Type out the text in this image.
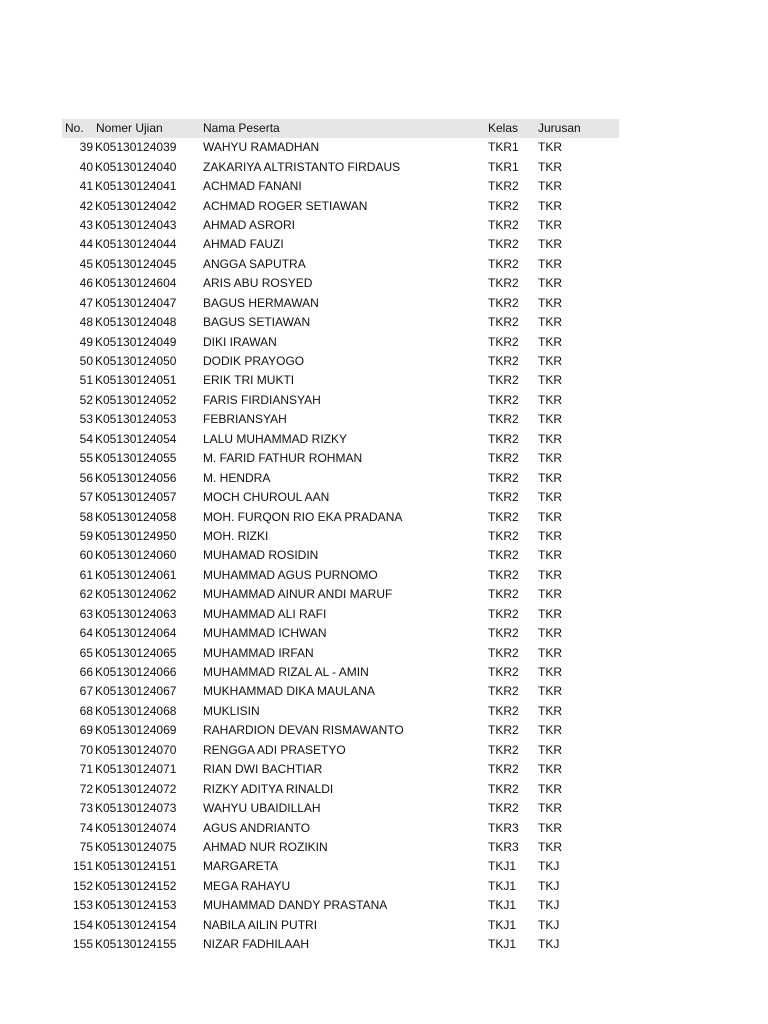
No.	Nomer Ujian	Nama Peserta	Kelas	Jurusan
39	K05130124039	WAHYU RAMADHAN	TKR1	TKR
40	K05130124040	ZAKARIYA ALTRISTANTO FIRDAUS	TKR1	TKR
41	K05130124041	ACHMAD FANANI	TKR2	TKR
42	K05130124042	ACHMAD ROGER SETIAWAN	TKR2	TKR
43	K05130124043	AHMAD ASRORI	TKR2	TKR
44	K05130124044	AHMAD FAUZI	TKR2	TKR
45	K05130124045	ANGGA SAPUTRA	TKR2	TKR
46	K05130124604	ARIS ABU ROSYED	TKR2	TKR
47	K05130124047	BAGUS HERMAWAN	TKR2	TKR
48	K05130124048	BAGUS SETIAWAN	TKR2	TKR
49	K05130124049	DIKI IRAWAN	TKR2	TKR
50	K05130124050	DODIK PRAYOGO	TKR2	TKR
51	K05130124051	ERIK TRI MUKTI	TKR2	TKR
52	K05130124052	FARIS FIRDIANSYAH	TKR2	TKR
53	K05130124053	FEBRIANSYAH	TKR2	TKR
54	K05130124054	LALU MUHAMMAD RIZKY	TKR2	TKR
55	K05130124055	M. FARID FATHUR ROHMAN	TKR2	TKR
56	K05130124056	M. HENDRA	TKR2	TKR
57	K05130124057	MOCH CHUROUL AAN	TKR2	TKR
58	K05130124058	MOH. FURQON RIO EKA PRADANA	TKR2	TKR
59	K05130124950	MOH. RIZKI	TKR2	TKR
60	K05130124060	MUHAMAD ROSIDIN	TKR2	TKR
61	K05130124061	MUHAMMAD AGUS PURNOMO	TKR2	TKR
62	K05130124062	MUHAMMAD AINUR ANDI MARUF	TKR2	TKR
63	K05130124063	MUHAMMAD ALI RAFI	TKR2	TKR
64	K05130124064	MUHAMMAD ICHWAN	TKR2	TKR
65	K05130124065	MUHAMMAD IRFAN	TKR2	TKR
66	K05130124066	MUHAMMAD RIZAL AL - AMIN	TKR2	TKR
67	K05130124067	MUKHAMMAD DIKA MAULANA	TKR2	TKR
68	K05130124068	MUKLISIN	TKR2	TKR
69	K05130124069	RAHARDION DEVAN RISMAWANTO	TKR2	TKR
70	K05130124070	RENGGA ADI PRASETYO	TKR2	TKR
71	K05130124071	RIAN DWI BACHTIAR	TKR2	TKR
72	K05130124072	RIZKY ADITYA RINALDI	TKR2	TKR
73	K05130124073	WAHYU UBAIDILLAH	TKR2	TKR
74	K05130124074	AGUS ANDRIANTO	TKR3	TKR
75	K05130124075	AHMAD NUR ROZIKIN	TKR3	TKR
151	K05130124151	MARGARETA	TKJ1	TKJ
152	K05130124152	MEGA RAHAYU	TKJ1	TKJ
153	K05130124153	MUHAMMAD DANDY PRASTANA	TKJ1	TKJ
154	K05130124154	NABILA AILIN PUTRI	TKJ1	TKJ
155	K05130124155	NIZAR FADHILAAH	TKJ1	TKJ
